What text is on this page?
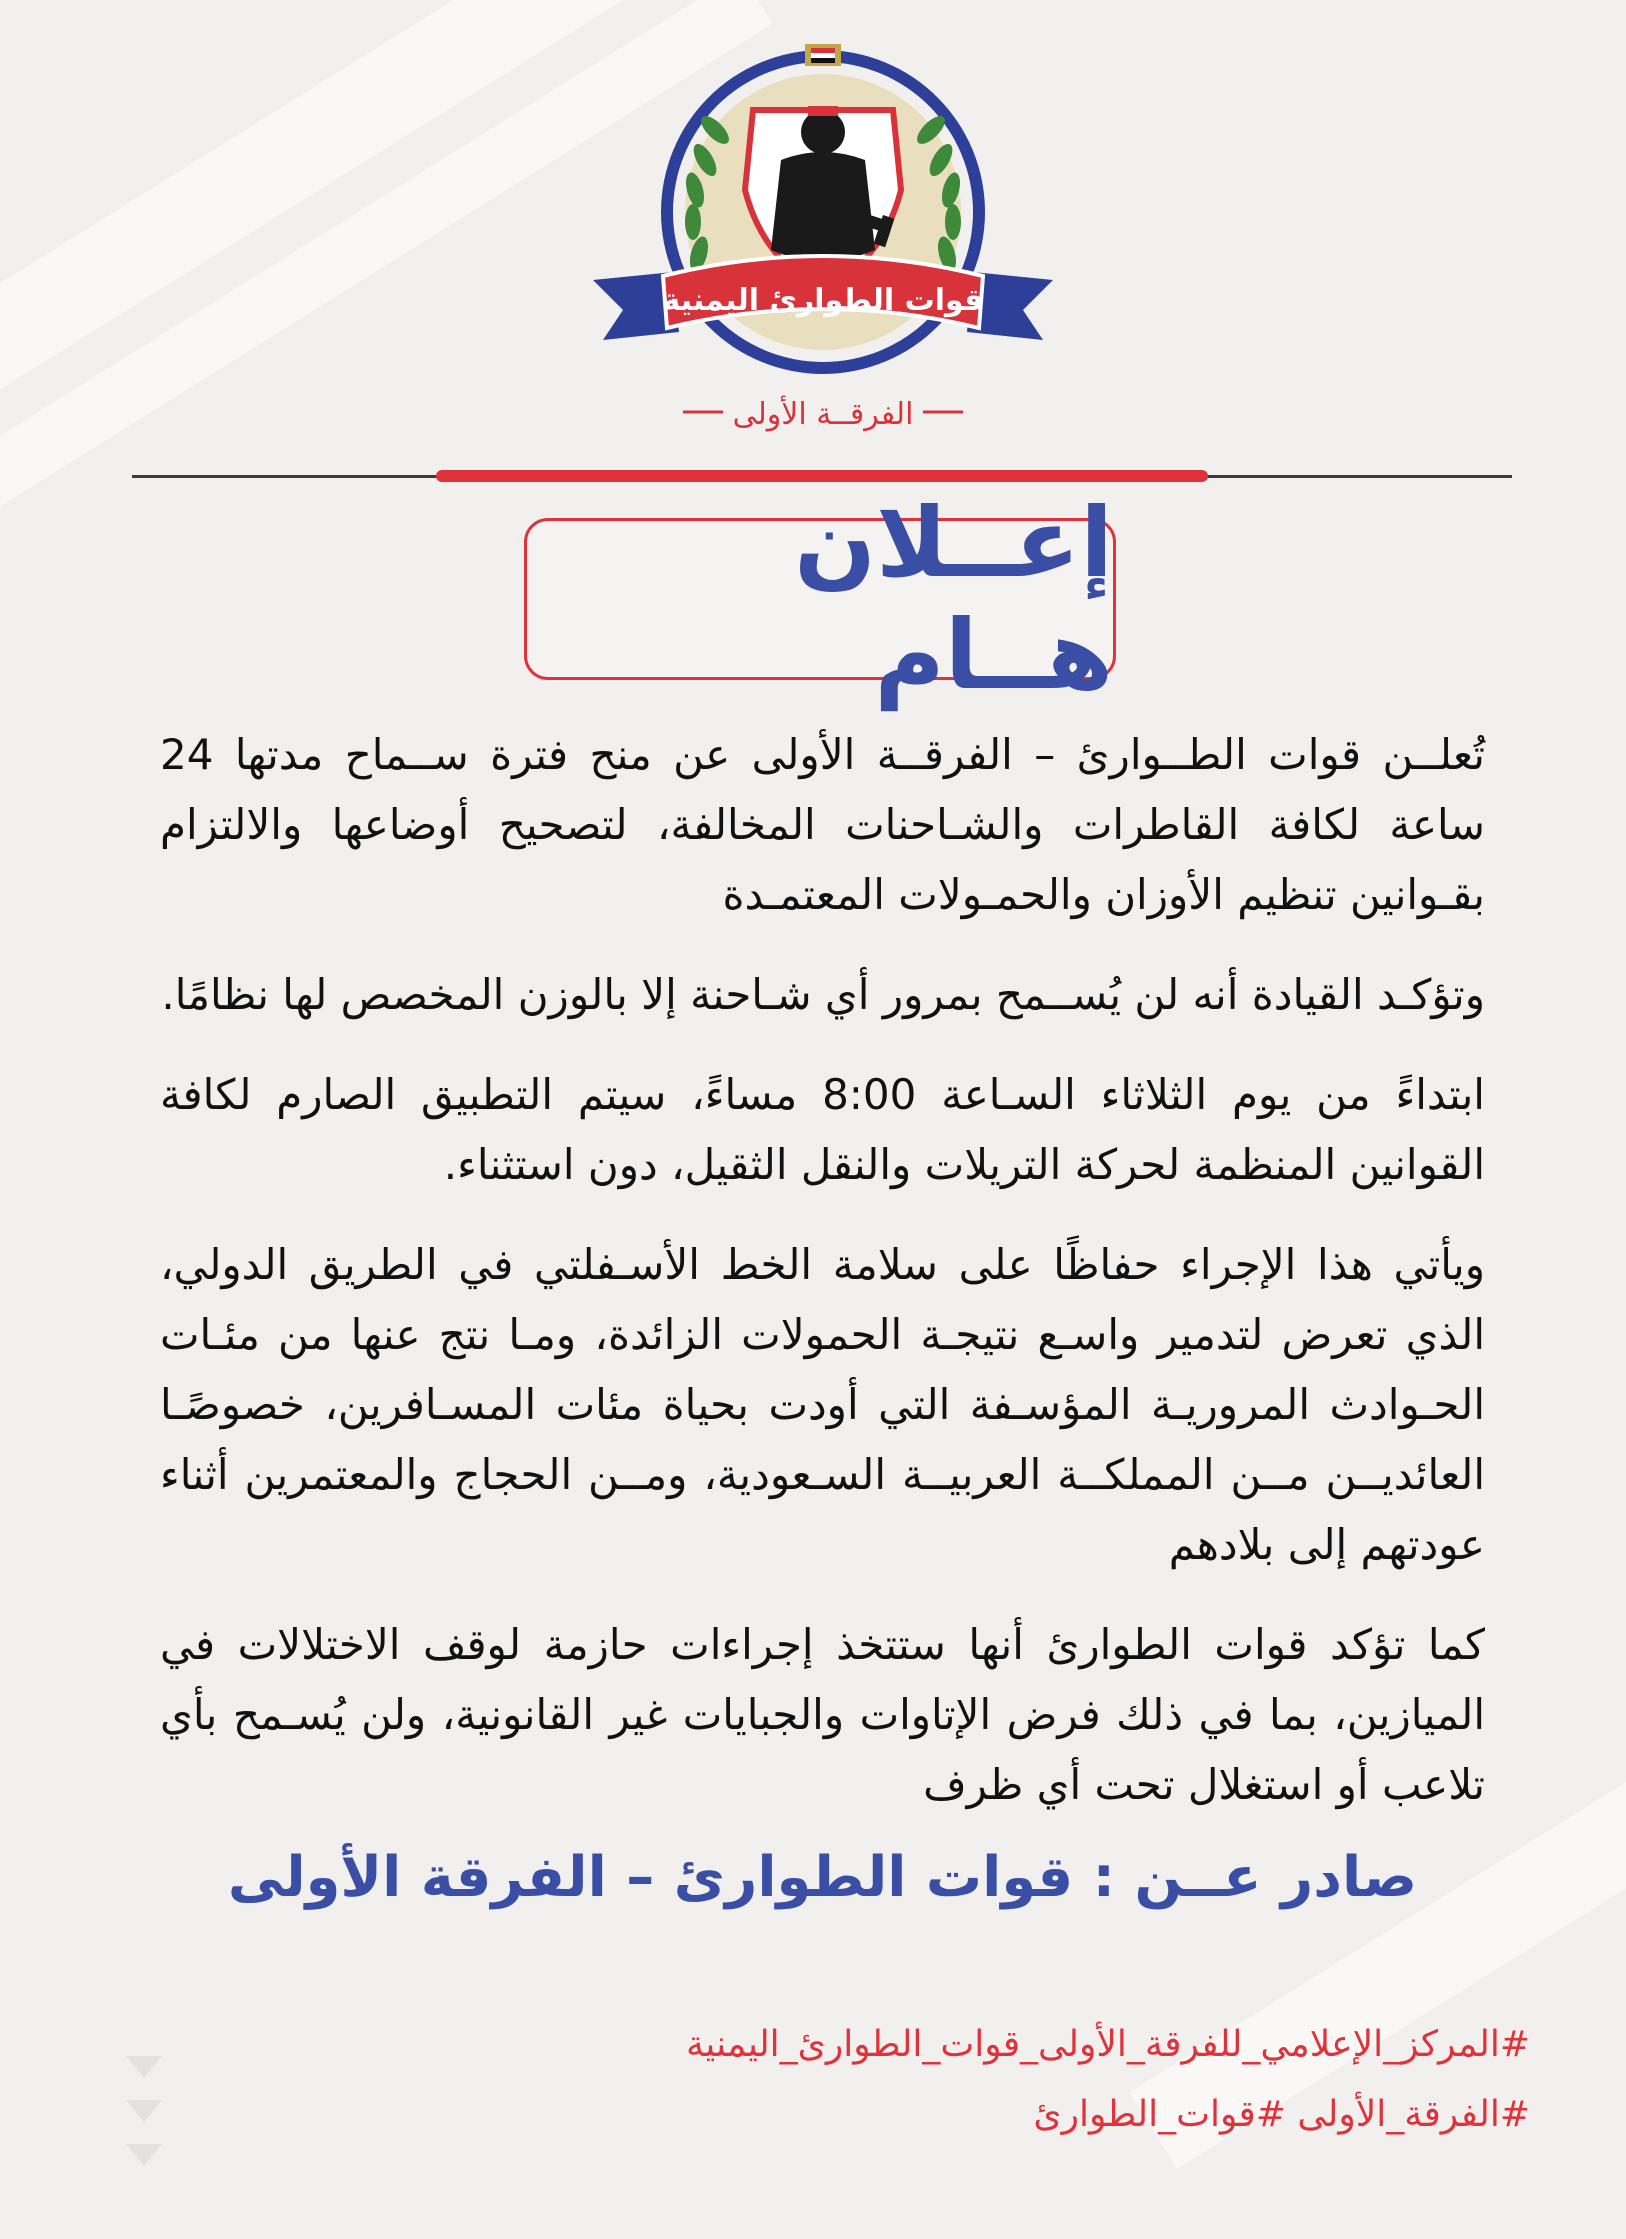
قوات الطوارئ اليمنية
الفرقــة الأولى
إعــلان هــام

تُعلــن قوات الطــوارئ – الفرقــة الأولى عن منح فترة ســماح مدتها 24 ساعة لكافة القاطرات والشـاحنات المخالفة، لتصحيح أوضاعها والالتزام بقـوانين تنظيم الأوزان والحمـولات المعتمـدة

وتؤكـد القيادة أنه لن يُســمح بمرور أي شـاحنة إلا بالوزن المخصص لها نظامًا.

ابتداءً من يوم الثلاثاء السـاعة 8:00 مساءً، سيتم التطبيق الصارم لكافة القوانين المنظمة لحركة التريلات والنقل الثقيل، دون استثناء.

ويأتي هذا الإجراء حفاظًا على سلامة الخط الأسـفلتي في الطريق الدولي، الذي تعرض لتدمير واسـع نتيجـة الحمولات الزائدة، ومـا نتج عنها من مئـات الحـوادث المروريـة المؤسـفة التي أودت بحياة مئات المسـافرين، خصوصًـا العائديــن مــن المملكــة العربيــة السـعودية، ومــن الحجاج والمعتمرين أثناء عودتهم إلى بلادهم

كما تؤكد قوات الطوارئ أنها ستتخذ إجراءات حازمة لوقف الاختلالات في الميازين، بما في ذلك فرض الإتاوات والجبايات غير القانونية، ولن يُسـمح بأي تلاعب أو استغلال تحت أي ظرف

صادر عــن : قوات الطوارئ – الفرقة الأولى
#المركز_الإعلامي_للفرقة_الأولى_قوات_الطوارئ_اليمنية
#الفرقة_الأولى #قوات_الطوارئ
